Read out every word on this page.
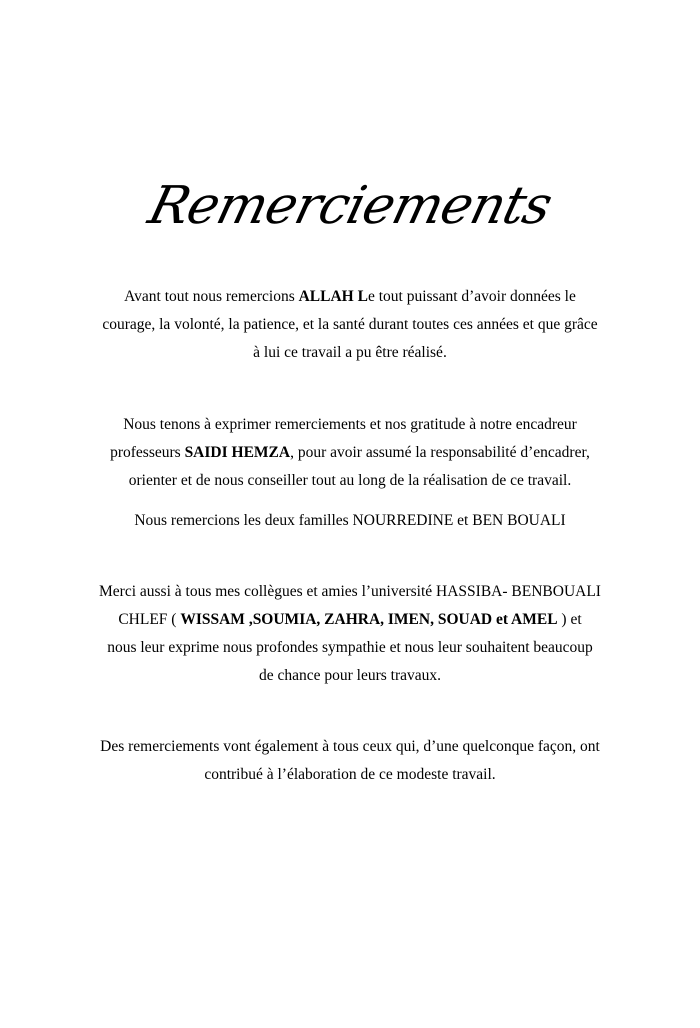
Remerciements
Avant tout nous remercions ALLAH Le tout puissant d’avoir données le
courage, la volonté, la patience, et la santé durant toutes ces années et que grâce
à lui ce travail a pu être réalisé.
Nous tenons à exprimer remerciements et nos gratitude à notre encadreur
professeurs SAIDI HEMZA, pour avoir assumé la responsabilité d’encadrer,
orienter et de nous conseiller tout au long de la réalisation de ce travail.
Nous remercions les deux familles NOURREDINE et BEN BOUALI
Merci aussi à tous mes collègues et amies l’université HASSIBA- BENBOUALI
CHLEF ( WISSAM ,SOUMIA, ZAHRA, IMEN, SOUAD et AMEL ) et
nous leur exprime nous profondes sympathie et nous leur souhaitent beaucoup
de chance pour leurs travaux.
Des remerciements vont également à tous ceux qui, d’une quelconque façon, ont
contribué à l’élaboration de ce modeste travail.
